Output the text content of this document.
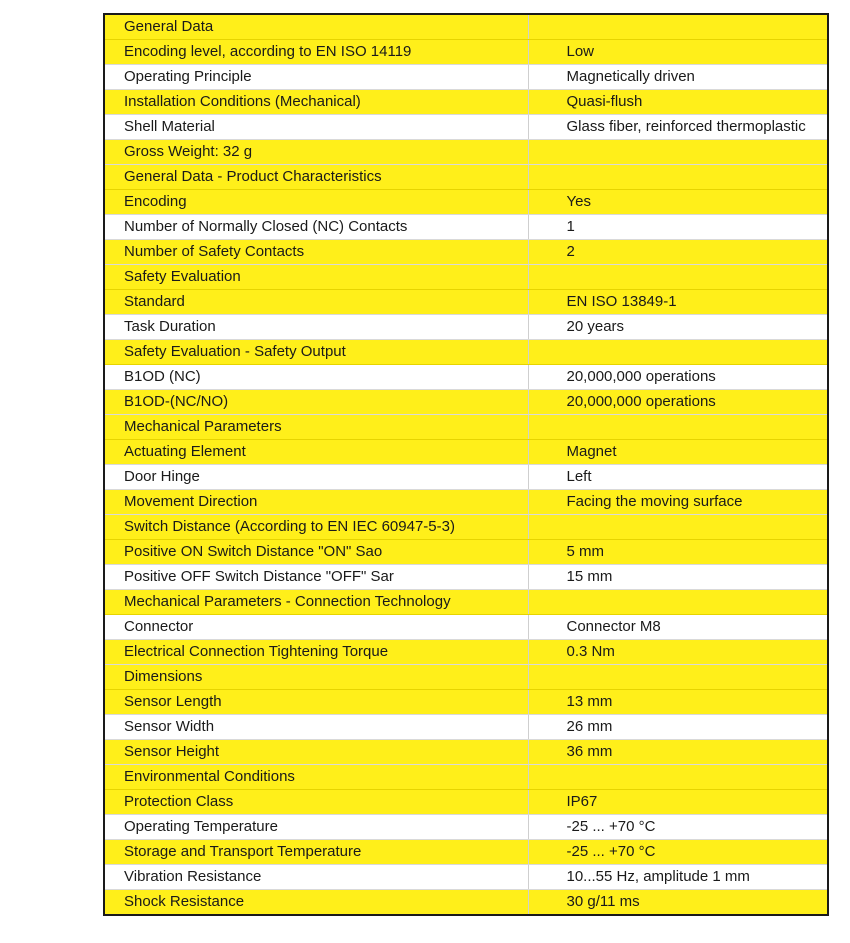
General Data	
Encoding level, according to EN ISO 14119	Low
Operating Principle	Magnetically driven
Installation Conditions (Mechanical)	Quasi-flush
Shell Material	Glass fiber, reinforced thermoplastic
Gross Weight: 32 g	
General Data - Product Characteristics	
Encoding	Yes
Number of Normally Closed (NC) Contacts	1
Number of Safety Contacts	2
Safety Evaluation	
Standard	EN ISO 13849-1
Task Duration	20 years
Safety Evaluation - Safety Output	
B1OD (NC)	20,000,000 operations
B1OD-(NC/NO)	20,000,000 operations
Mechanical Parameters	
Actuating Element	Magnet
Door Hinge	Left
Movement Direction	Facing the moving surface
Switch Distance (According to EN IEC 60947-5-3)	
Positive ON Switch Distance "ON" Sao	5 mm
Positive OFF Switch Distance "OFF" Sar	15 mm
Mechanical Parameters - Connection Technology	
Connector	Connector M8
Electrical Connection Tightening Torque	0.3 Nm
Dimensions	
Sensor Length	13 mm
Sensor Width	26 mm
Sensor Height	36 mm
Environmental Conditions	
Protection Class	IP67
Operating Temperature	-25 ... +70 °C
Storage and Transport Temperature	-25 ... +70 °C
Vibration Resistance	10...55 Hz, amplitude 1 mm
Shock Resistance	30 g/11 ms
